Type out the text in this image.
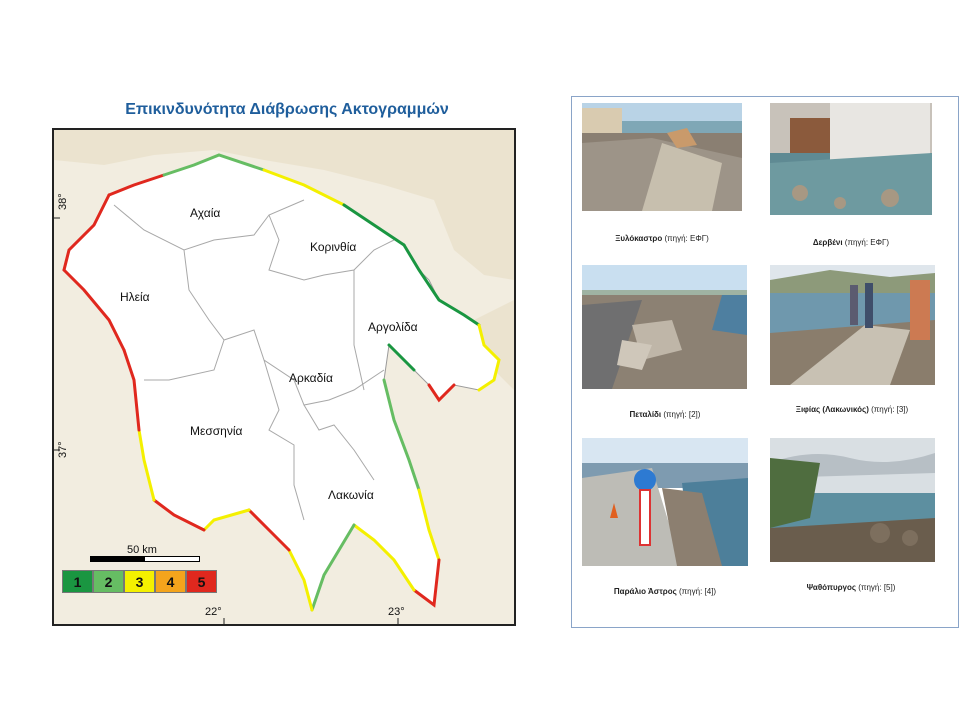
Επικινδυνότητα Διάβρωσης Ακτογραμμών
Αχαία
Κορινθία
Ηλεία
Αργολίδα
Αρκαδία
Μεσσηνία
Λακωνία
38°
37°
22°	23°
50 km
1	2	3	4	5
Ξυλόκαστρο (πηγή: ΕΦΓ)	Δερβένι (πηγή: ΕΦΓ)
Πεταλίδι (πηγή: [2])
Ξιφίας (Λακωνικός) (πηγή: [3])
Παράλιο Άστρος (πηγή: [4])	Ψαθόπυργος (πηγή: [5])
